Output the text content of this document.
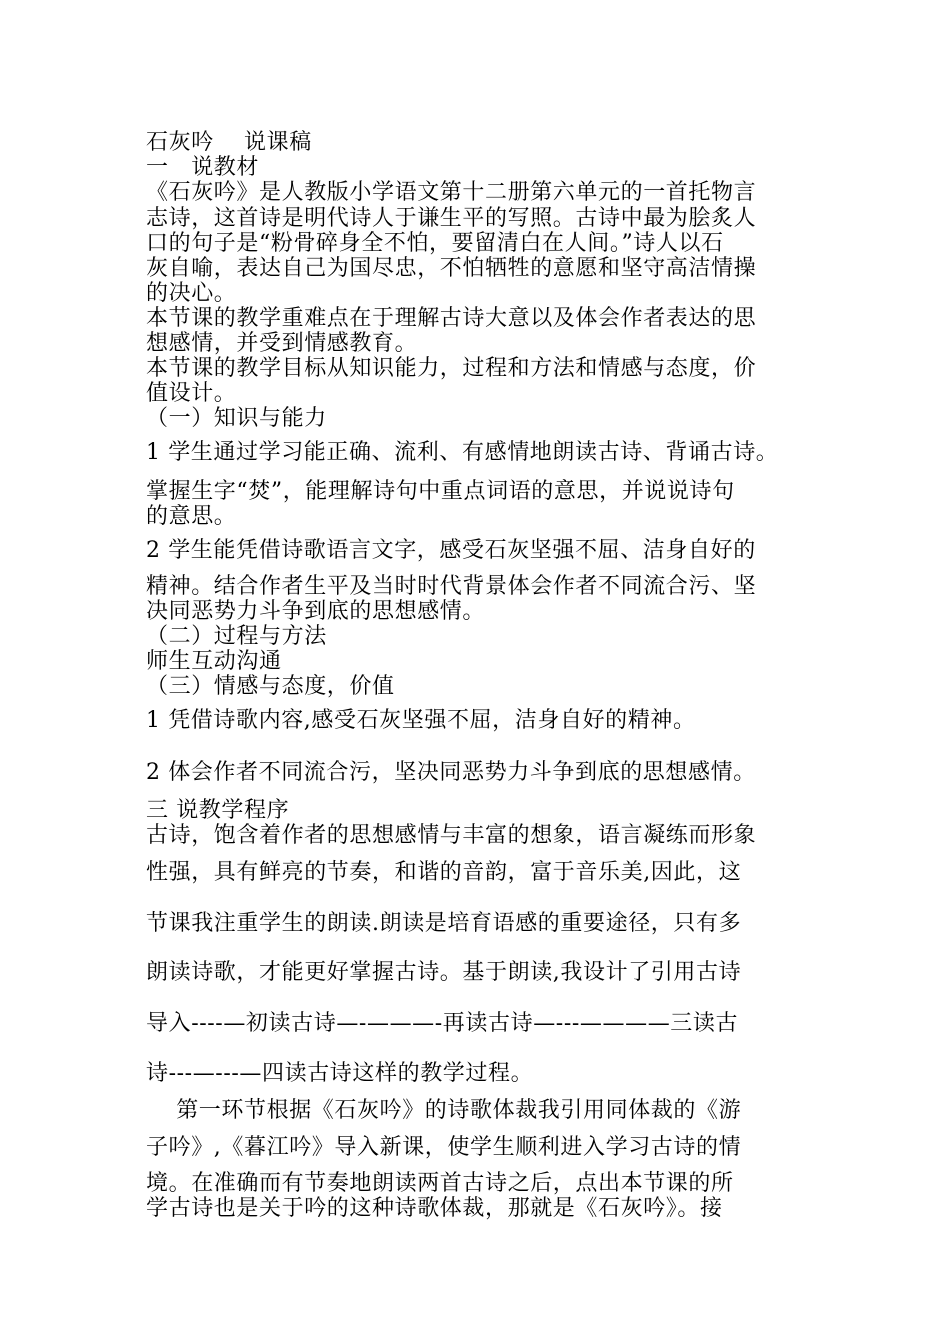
石灰吟　 说课稿

一　说教材

《石灰吟》是人教版小学语文第十二册第六单元的一首托物言

志诗，这首诗是明代诗人于谦生平的写照。古诗中最为脍炙人

口的句子是“粉骨碎身全不怕，要留清白在人间。”诗人以石

灰自喻，表达自己为国尽忠，不怕牺牲的意愿和坚守高洁情操

的决心。

本节课的教学重难点在于理解古诗大意以及体会作者表达的思

想感情，并受到情感教育。

本节课的教学目标从知识能力，过程和方法和情感与态度，价

值设计。

（一）知识与能力

1 学生通过学习能正确、流利、有感情地朗读古诗、背诵古诗。

掌握生字“焚”，能理解诗句中重点词语的意思，并说说诗句

的意思。

2 学生能凭借诗歌语言文字，感受石灰坚强不屈、洁身自好的

精神。结合作者生平及当时时代背景体会作者不同流合污、坚

决同恶势力斗争到底的思想感情。

（二）过程与方法

师生互动沟通

（三）情感与态度，价值

1 凭借诗歌内容,感受石灰坚强不屈，洁身自好的精神。

2 体会作者不同流合污，坚决同恶势力斗争到底的思想感情。

三 说教学程序

古诗，饱含着作者的思想感情与丰富的想象，语言凝练而形象

性强，具有鲜亮的节奏，和谐的音韵，富于音乐美,因此，这

节课我注重学生的朗读.朗读是培育语感的重要途径，只有多

朗读诗歌，才能更好掌握古诗。基于朗读,我设计了引用古诗

导入----—初读古诗—-———-再读古诗—---————三读古

诗---—---—四读古诗这样的教学过程。

　 第一环节根据《石灰吟》的诗歌体裁我引用同体裁的《游

子吟》,《暮江吟》导入新课，使学生顺利进入学习古诗的情

境。在准确而有节奏地朗读两首古诗之后，点出本节课的所

学古诗也是关于吟的这种诗歌体裁，那就是《石灰吟》。接
